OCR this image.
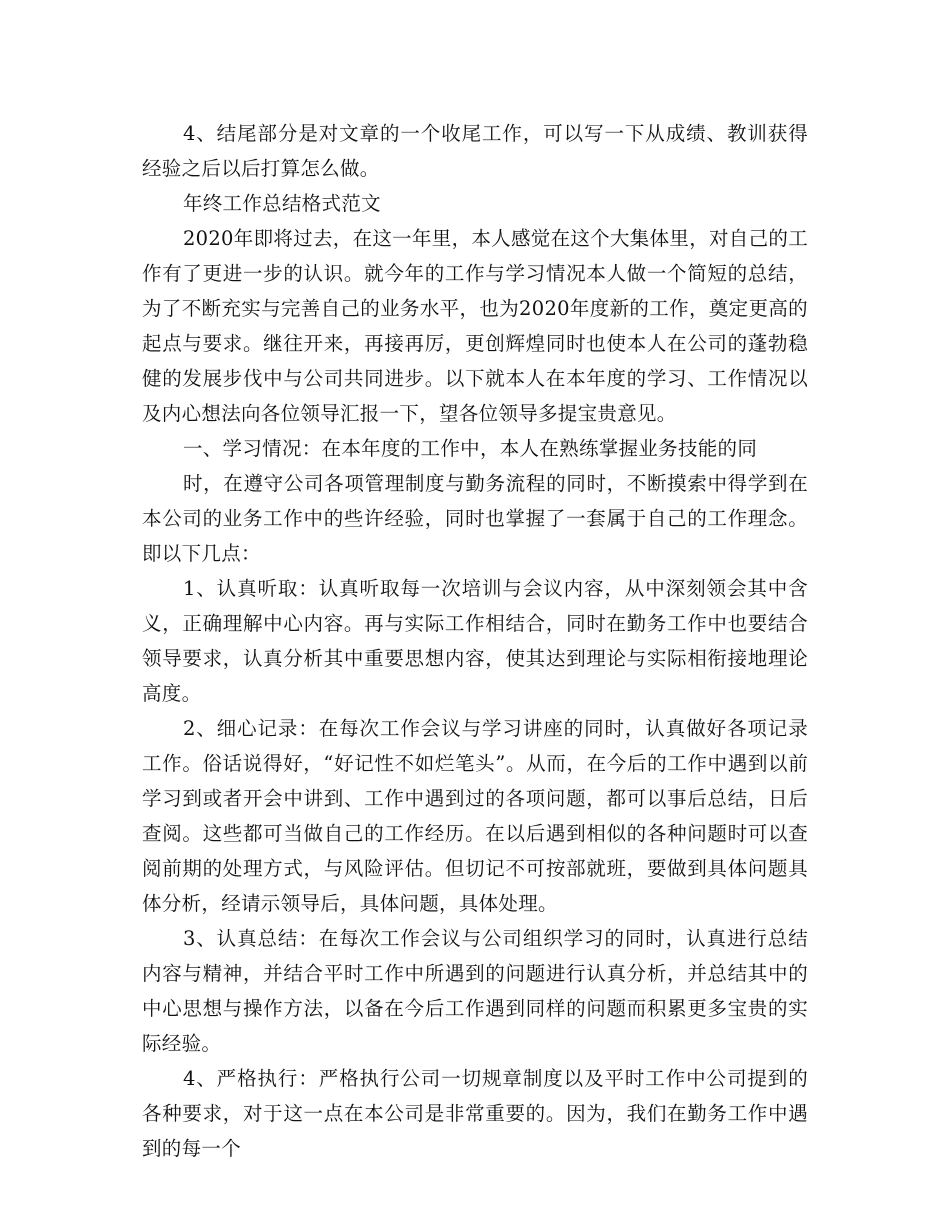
4、结尾部分是对文章的一个收尾工作，可以写一下从成绩、教训获得经验之后以后打算怎么做。

年终工作总结格式范文

2020年即将过去，在这一年里，本人感觉在这个大集体里，对自己的工作有了更进一步的认识。就今年的工作与学习情况本人做一个简短的总结，为了不断充实与完善自己的业务水平，也为2020年度新的工作，奠定更高的起点与要求。继往开来，再接再厉，更创辉煌同时也使本人在公司的蓬勃稳健的发展步伐中与公司共同进步。以下就本人在本年度的学习、工作情况以及内心想法向各位领导汇报一下，望各位领导多提宝贵意见。

一、学习情况：在本年度的工作中，本人在熟练掌握业务技能的同

时，在遵守公司各项管理制度与勤务流程的同时，不断摸索中得学到在本公司的业务工作中的些许经验，同时也掌握了一套属于自己的工作理念。即以下几点：

1、认真听取：认真听取每一次培训与会议内容，从中深刻领会其中含义，正确理解中心内容。再与实际工作相结合，同时在勤务工作中也要结合领导要求，认真分析其中重要思想内容，使其达到理论与实际相衔接地理论高度。

2、细心记录：在每次工作会议与学习讲座的同时，认真做好各项记录工作。俗话说得好，“好记性不如烂笔头”。从而，在今后的工作中遇到以前学习到或者开会中讲到、工作中遇到过的各项问题，都可以事后总结，日后查阅。这些都可当做自己的工作经历。在以后遇到相似的各种问题时可以查阅前期的处理方式，与风险评估。但切记不可按部就班，要做到具体问题具体分析，经请示领导后，具体问题，具体处理。

3、认真总结：在每次工作会议与公司组织学习的同时，认真进行总结内容与精神，并结合平时工作中所遇到的问题进行认真分析，并总结其中的中心思想与操作方法，以备在今后工作遇到同样的问题而积累更多宝贵的实际经验。

4、严格执行：严格执行公司一切规章制度以及平时工作中公司提到的各种要求，对于这一点在本公司是非常重要的。因为，我们在勤务工作中遇到的每一个
